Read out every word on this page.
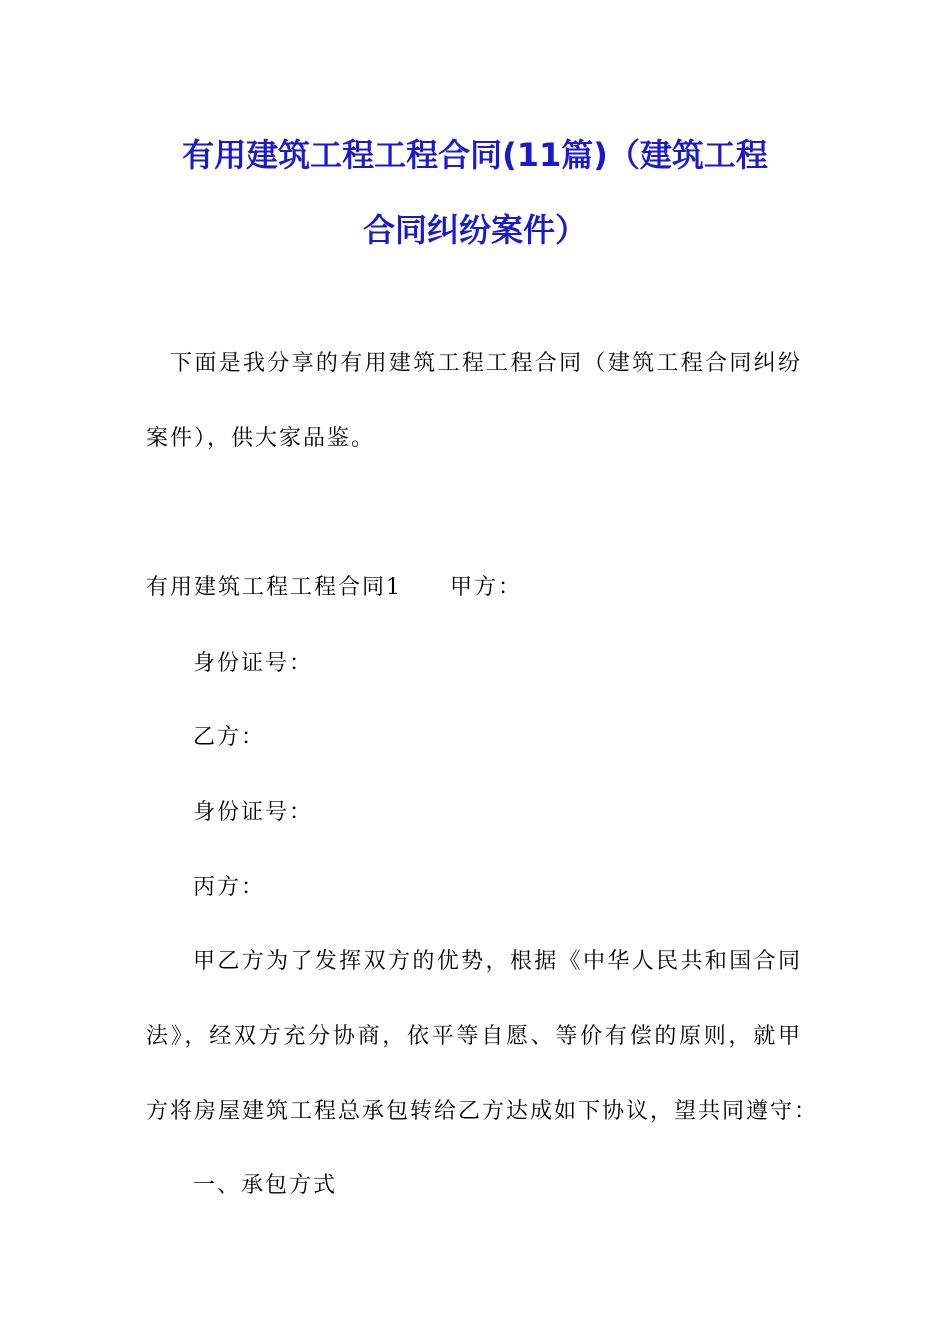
有用建筑工程工程合同(11篇)（建筑工程
合同纠纷案件）

下面是我分享的有用建筑工程工程合同（建筑工程合同纠纷

案件），供大家品鉴。

有用建筑工程工程合同1　　甲方：

身份证号：

乙方：

身份证号：

丙方：

甲乙方为了发挥双方的优势，根据《中华人民共和国合同

法》，经双方充分协商，依平等自愿、等价有偿的原则，就甲

方将房屋建筑工程总承包转给乙方达成如下协议，望共同遵守：

一、承包方式
